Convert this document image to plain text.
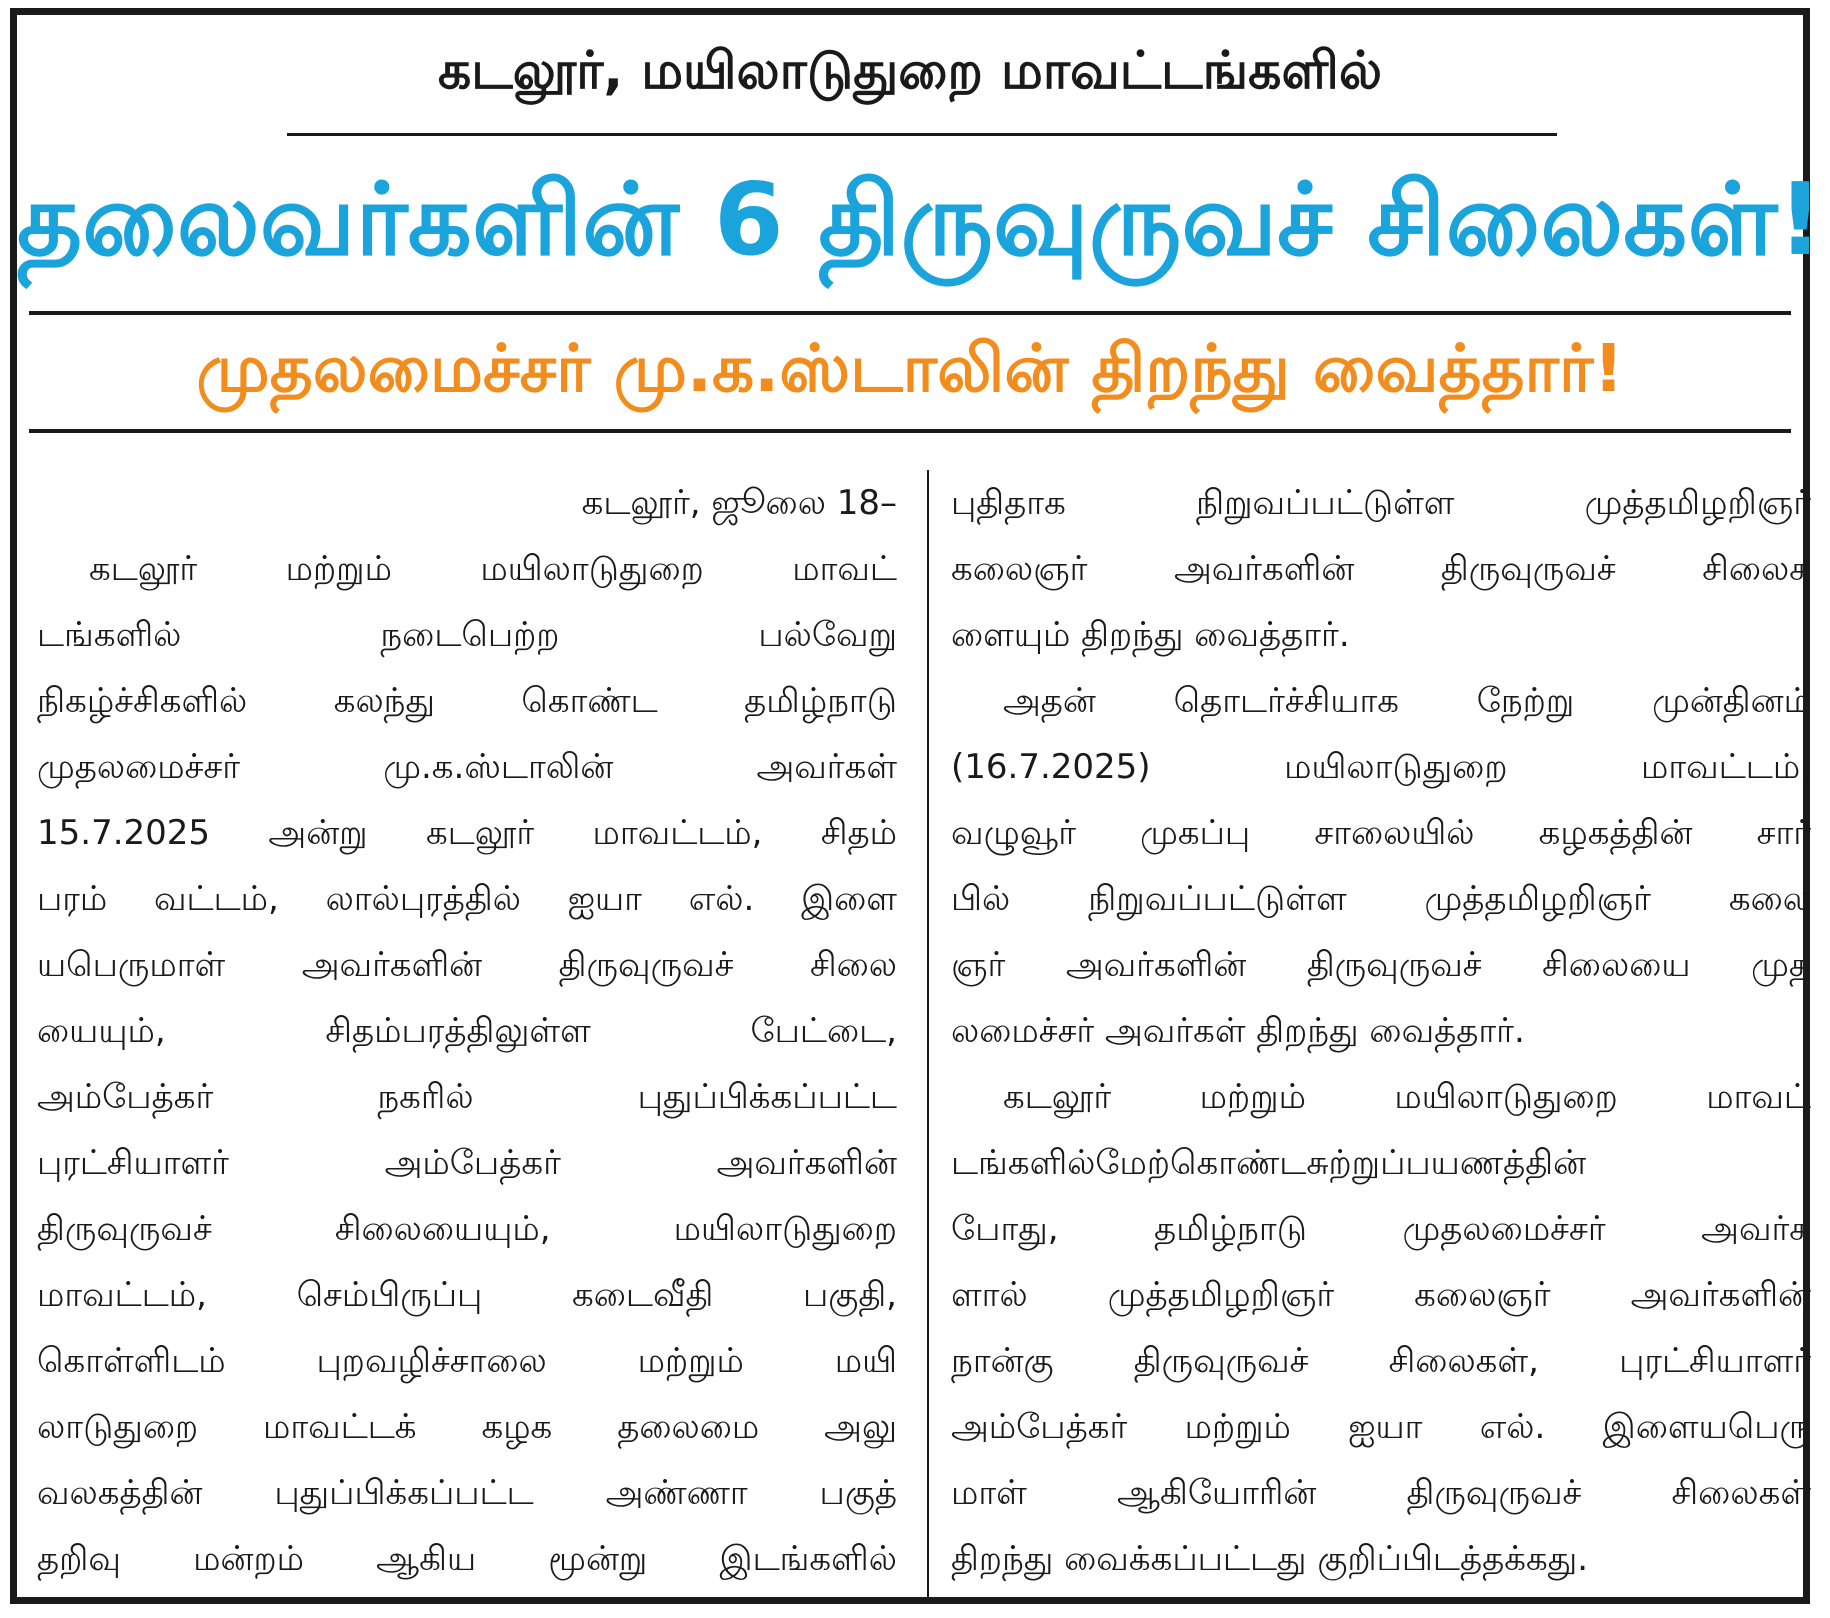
கடலூர், மயிலாடுதுறை மாவட்டங்களில்
தலைவர்களின் 6 திருவுருவச் சிலைகள்!
முதலமைச்சர் மு.க.ஸ்டாலின் திறந்து வைத்தார்!
கடலூர், ஜூலை 18–
கடலூர் மற்றும் மயிலாடுதுறை மாவட்
டங்களில் நடைபெற்ற பல்வேறு
நிகழ்ச்சிகளில் கலந்து கொண்ட தமிழ்நாடு
முதலமைச்சர் மு.க.ஸ்டாலின் அவர்கள்
15.7.2025 அன்று கடலூர் மாவட்டம், சிதம்
பரம் வட்டம், லால்புரத்தில் ஐயா எல். இளை
யபெருமாள் அவர்களின் திருவுருவச் சிலை
யையும், சிதம்பரத்திலுள்ள பேட்டை,
அம்பேத்கர் நகரில் புதுப்பிக்கப்பட்ட
புரட்சியாளர் அம்பேத்கர் அவர்களின்
திருவுருவச் சிலையையும், மயிலாடுதுறை
மாவட்டம், செம்பிருப்பு கடைவீதி பகுதி,
கொள்ளிடம் புறவழிச்சாலை மற்றும் மயி
லாடுதுறை மாவட்டக் கழக தலைமை அலு
வலகத்தின் புதுப்பிக்கப்பட்ட அண்ணா பகுத்
தறிவு மன்றம் ஆகிய மூன்று இடங்களில்
புதிதாக நிறுவப்பட்டுள்ள முத்தமிழறிஞர்
கலைஞர் அவர்களின் திருவுருவச் சிலைக
ளையும் திறந்து வைத்தார்.
அதன் தொடர்ச்சியாக நேற்று முன்தினம்
(16.7.2025) மயிலாடுதுறை மாவட்டம்,
வழுவூர் முகப்பு சாலையில் கழகத்தின் சார்
பில் நிறுவப்பட்டுள்ள முத்தமிழறிஞர் கலை
ஞர் அவர்களின் திருவுருவச் சிலையை முத
லமைச்சர் அவர்கள் திறந்து வைத்தார்.
கடலூர் மற்றும் மயிலாடுதுறை மாவட்
டங்களில்மேற்கொண்டசுற்றுப்பயணத்தின்
போது, தமிழ்நாடு முதலமைச்சர் அவர்க
ளால் முத்தமிழறிஞர் கலைஞர் அவர்களின்
நான்கு திருவுருவச் சிலைகள், புரட்சியாளர்
அம்பேத்கர் மற்றும் ஐயா எல். இளையபெரு
மாள் ஆகியோரின் திருவுருவச் சிலைகள்
திறந்து வைக்கப்பட்டது குறிப்பிடத்தக்கது.
